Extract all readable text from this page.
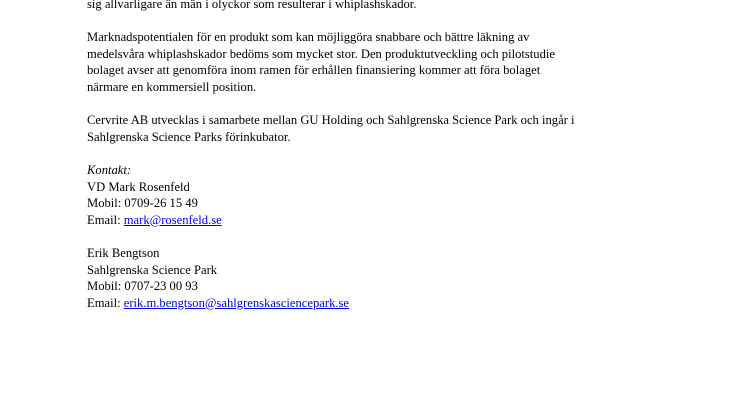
sig allvarligare än män i olyckor som resulterar i whiplashskador.
Marknadspotentialen för en produkt som kan möjliggöra snabbare och bättre läkning av
medelsvåra whiplashskador bedöms som mycket stor. Den produktutveckling och pilotstudie
bolaget avser att genomföra inom ramen för erhållen finansiering kommer att föra bolaget
närmare en kommersiell position.
Cervrite AB utvecklas i samarbete mellan GU Holding och Sahlgrenska Science Park och ingår i
Sahlgrenska Science Parks förinkubator.
Kontakt:
VD Mark Rosenfeld
Mobil: 0709-26 15 49
Email: mark@rosenfeld.se
Erik Bengtson
Sahlgrenska Science Park
Mobil: 0707-23 00 93
Email: erik.m.bengtson@sahlgrenskasciencepark.se
